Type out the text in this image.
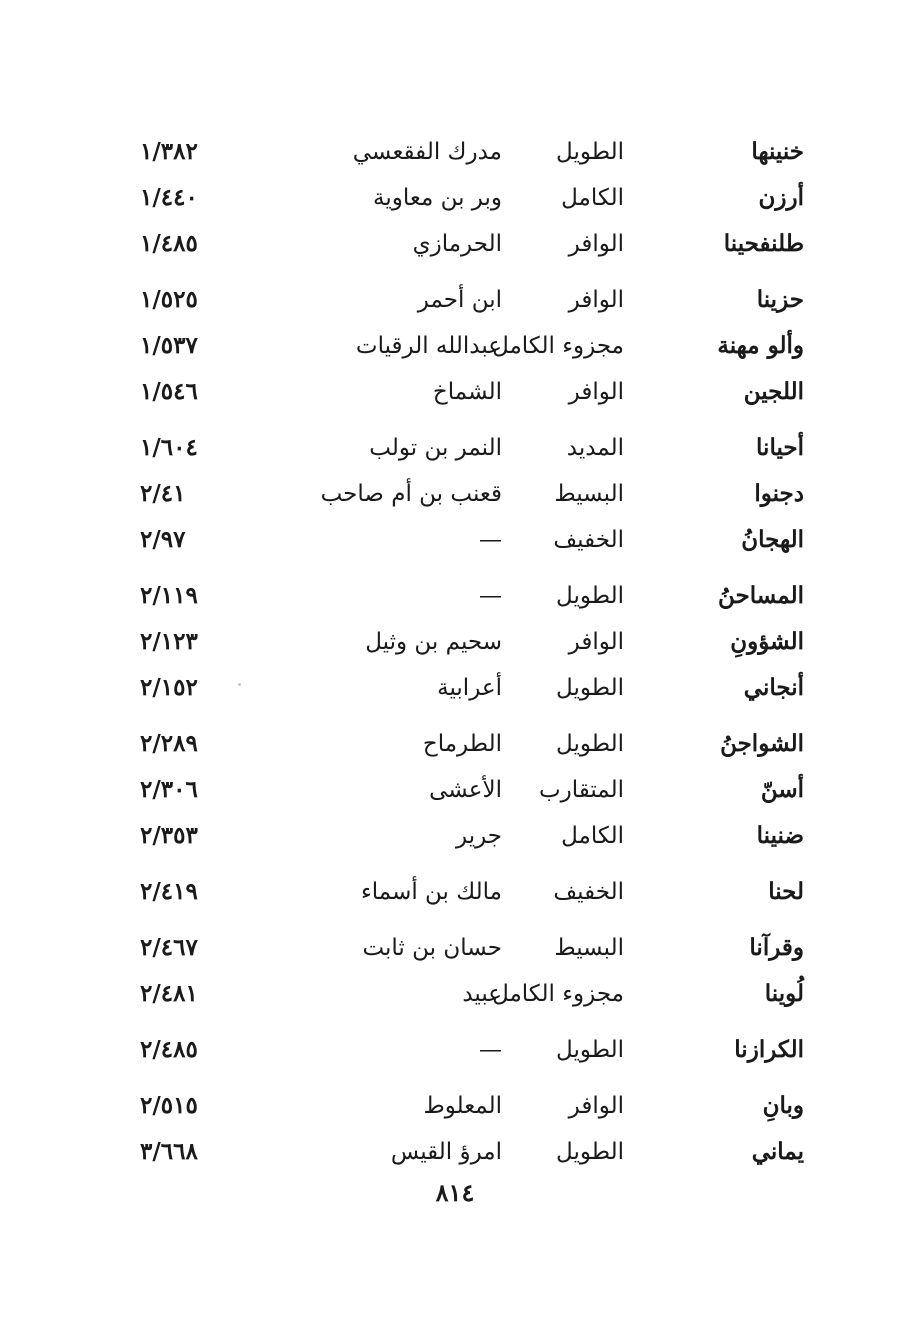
خنينها
الطويل
مدرك الفقعسي
١/٣٨٢
أرزن
الكامل
وبر بن معاوية
١/٤٤٠
طلنفحينا
الوافر
الحرمازي
١/٤٨٥
حزينا
الوافر
ابن أحمر
١/٥٢٥
وألو مهنة
مجزوء الكامل
عبدالله الرقيات
١/٥٣٧
اللجين
الوافر
الشماخ
١/٥٤٦
أحيانا
المديد
النمر بن تولب
١/٦٠٤
دجنوا
البسيط
قعنب بن أم صاحب
٢/٤١
الهجانُ
الخفيف
—
٢/٩٧
المساحنُ
الطويل
—
٢/١١٩
الشؤونِ
الوافر
سحيم بن وثيل
٢/١٢٣
أنجاني
الطويل
أعرابية
٢/١٥٢
الشواجنُ
الطويل
الطرماح
٢/٢٨٩
أسنّ
المتقارب
الأعشى
٢/٣٠٦
ضنينا
الكامل
جرير
٢/٣٥٣
لحنا
الخفيف
مالك بن أسماء
٢/٤١٩
وقرآنا
البسيط
حسان بن ثابت
٢/٤٦٧
لُوينا
مجزوء الكامل
عبيد
٢/٤٨١
الكرازنا
الطويل
—
٢/٤٨٥
وبانِ
الوافر
المعلوط
٢/٥١٥
يماني
الطويل
امرؤ القيس
٣/٦٦٨
٨١٤
